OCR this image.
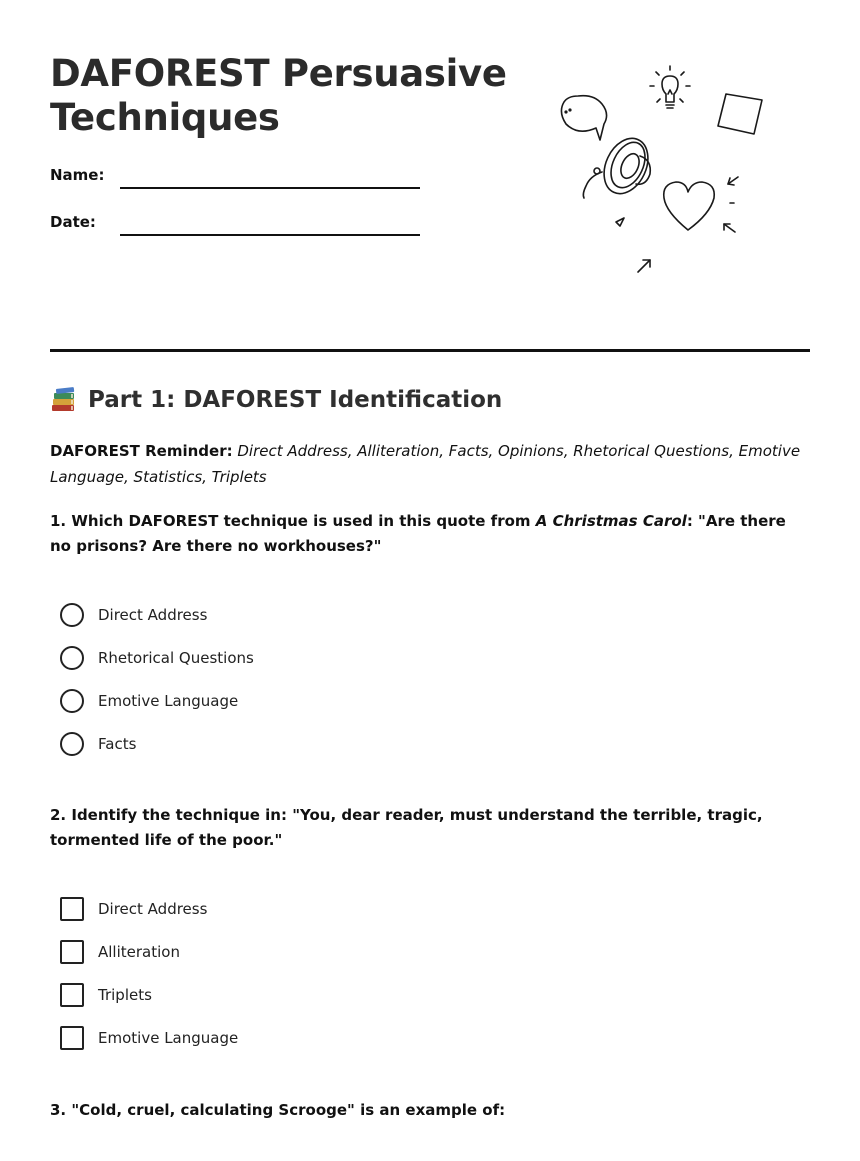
DAFOREST Persuasive Techniques
Name:
Date:
Part 1: DAFOREST Identification
DAFOREST Reminder: Direct Address, Alliteration, Facts, Opinions, Rhetorical Questions, Emotive Language, Statistics, Triplets
1. Which DAFOREST technique is used in this quote from A Christmas Carol: "Are there no prisons? Are there no workhouses?"
Direct Address
Rhetorical Questions
Emotive Language
Facts
2. Identify the technique in: "You, dear reader, must understand the terrible, tragic, tormented life of the poor."
Direct Address
Alliteration
Triplets
Emotive Language
3. "Cold, cruel, calculating Scrooge" is an example of:
